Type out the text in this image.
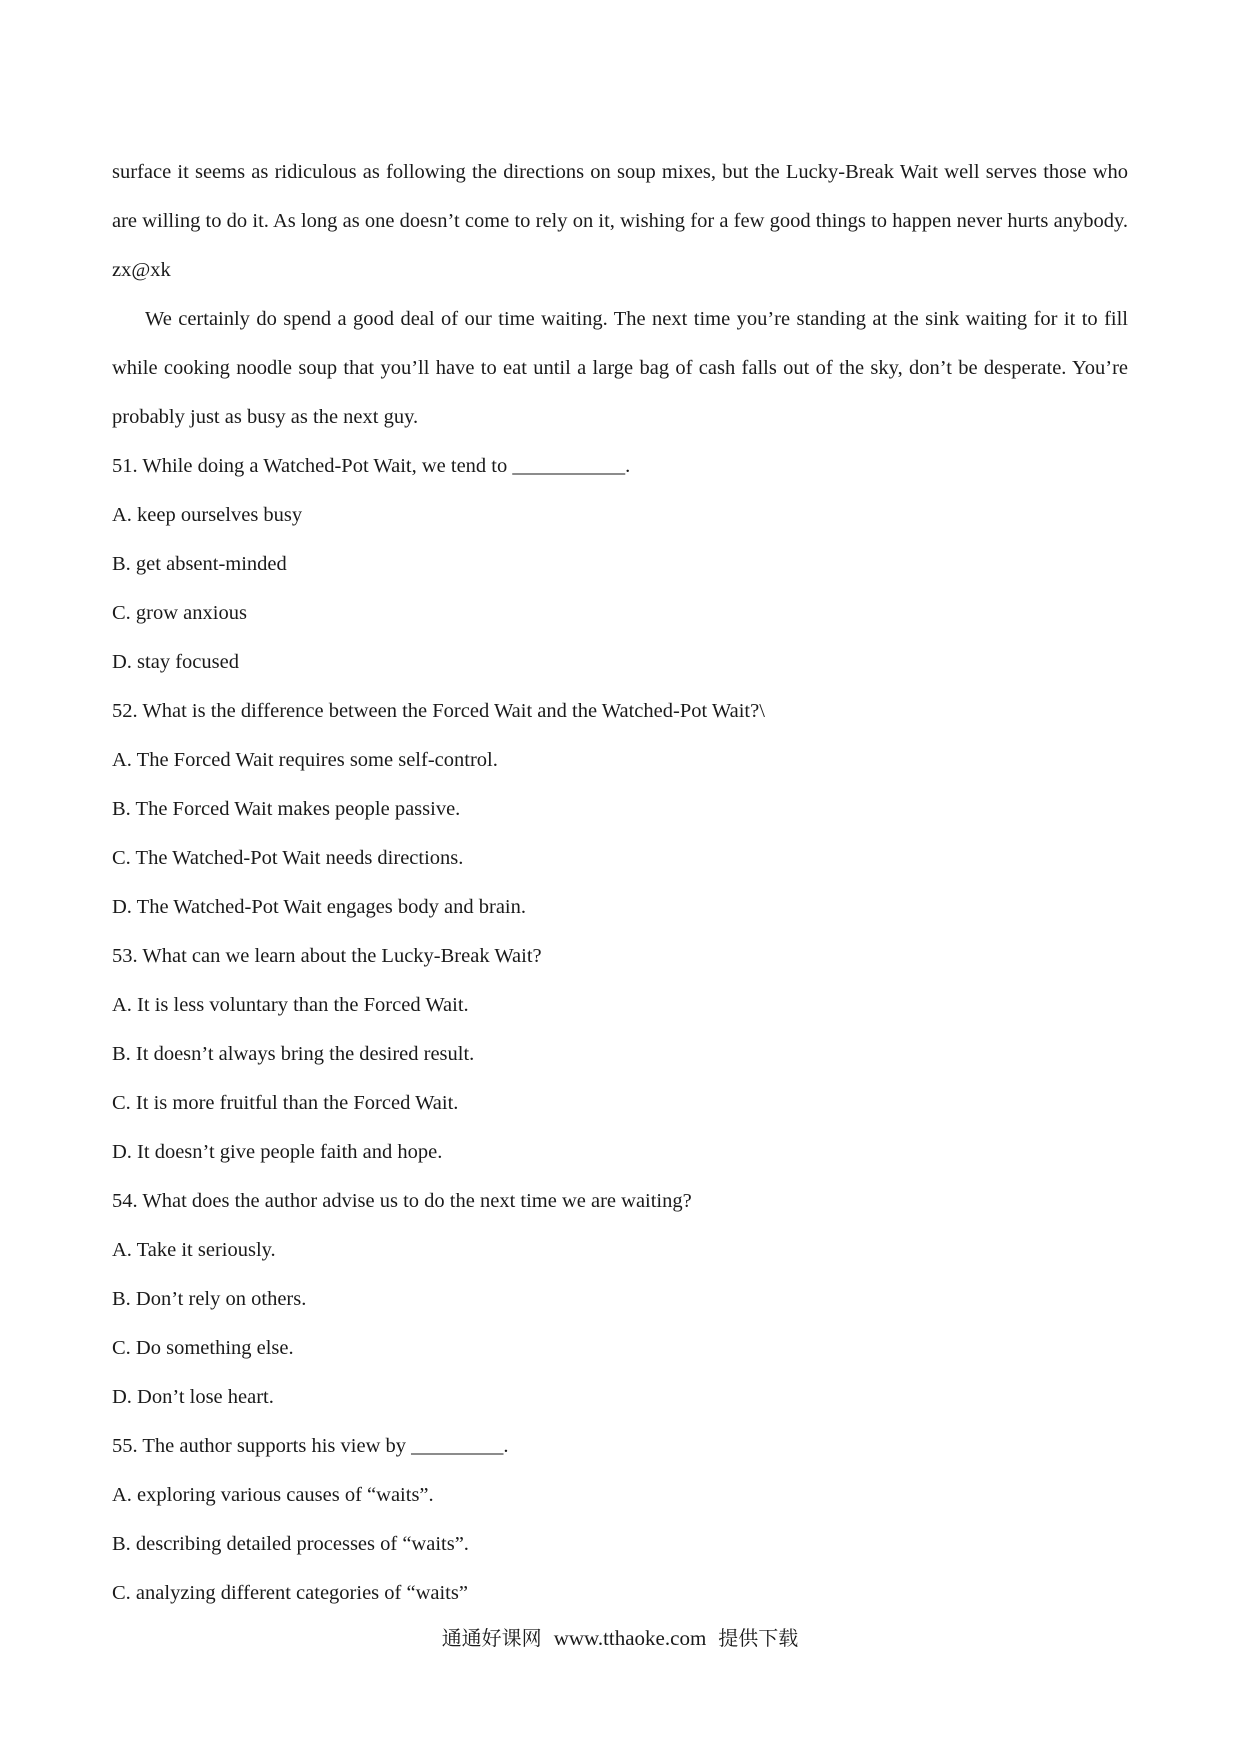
surface it seems as ridiculous as following the directions on soup mixes, but the Lucky-Break Wait well serves those who are willing to do it. As long as one doesn’t come to rely on it, wishing for a few good things to happen never hurts anybody. zx@xk

We certainly do spend a good deal of our time waiting. The next time you’re standing at the sink waiting for it to fill while cooking noodle soup that you’ll have to eat until a large bag of cash falls out of the sky, don’t be desperate. You’re probably just as busy as the next guy.

51. While doing a Watched-Pot Wait, we tend to ___________.

A. keep ourselves busy

B. get absent-minded

C. grow anxious

D. stay focused

52. What is the difference between the Forced Wait and the Watched-Pot Wait?\

A. The Forced Wait requires some self-control.

B. The Forced Wait makes people passive.

C. The Watched-Pot Wait needs directions.

D. The Watched-Pot Wait engages body and brain.

53. What can we learn about the Lucky-Break Wait?

A. It is less voluntary than the Forced Wait.

B. It doesn’t always bring the desired result.

C. It is more fruitful than the Forced Wait.

D. It doesn’t give people faith and hope.

54. What does the author advise us to do the next time we are waiting?

A. Take it seriously.

B. Don’t rely on others.

C. Do something else.

D. Don’t lose heart.

55. The author supports his view by _________.

A. exploring various causes of “waits”.

B. describing detailed processes of “waits”.

C. analyzing different categories of “waits”

通通好课网 www.tthaoke.com 提供下载
